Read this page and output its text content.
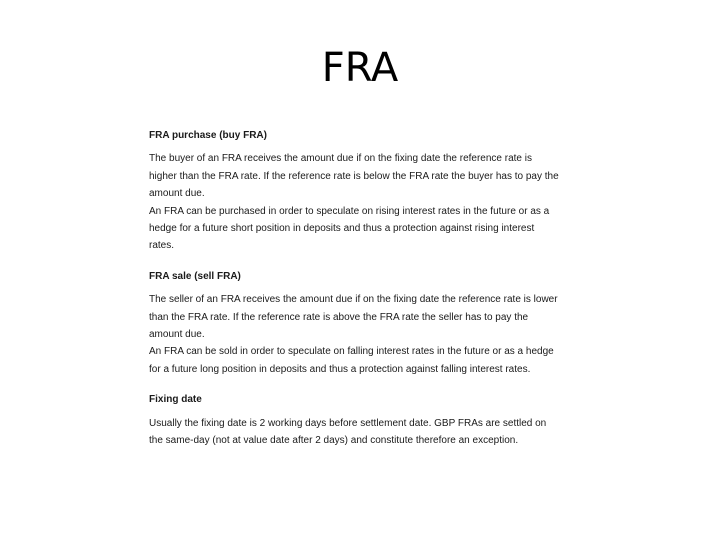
FRA
FRA purchase (buy FRA)

The buyer of an FRA receives the amount due if on the fixing date the reference rate is

higher than the FRA rate. If the reference rate is below the FRA rate the buyer has to pay the

amount due.

An FRA can be purchased in order to speculate on rising interest rates in the future or as a

hedge for a future short position in deposits and thus a protection against rising interest

rates.

FRA sale (sell FRA)

The seller of an FRA receives the amount due if on the fixing date the reference rate is lower

than the FRA rate. If the reference rate is above the FRA rate the seller has to pay the

amount due.

An FRA can be sold in order to speculate on falling interest rates in the future or as a hedge

for a future long position in deposits and thus a protection against falling interest rates.

Fixing date

Usually the fixing date is 2 working days before settlement date. GBP FRAs are settled on

the same-day (not at value date after 2 days) and constitute therefore an exception.
